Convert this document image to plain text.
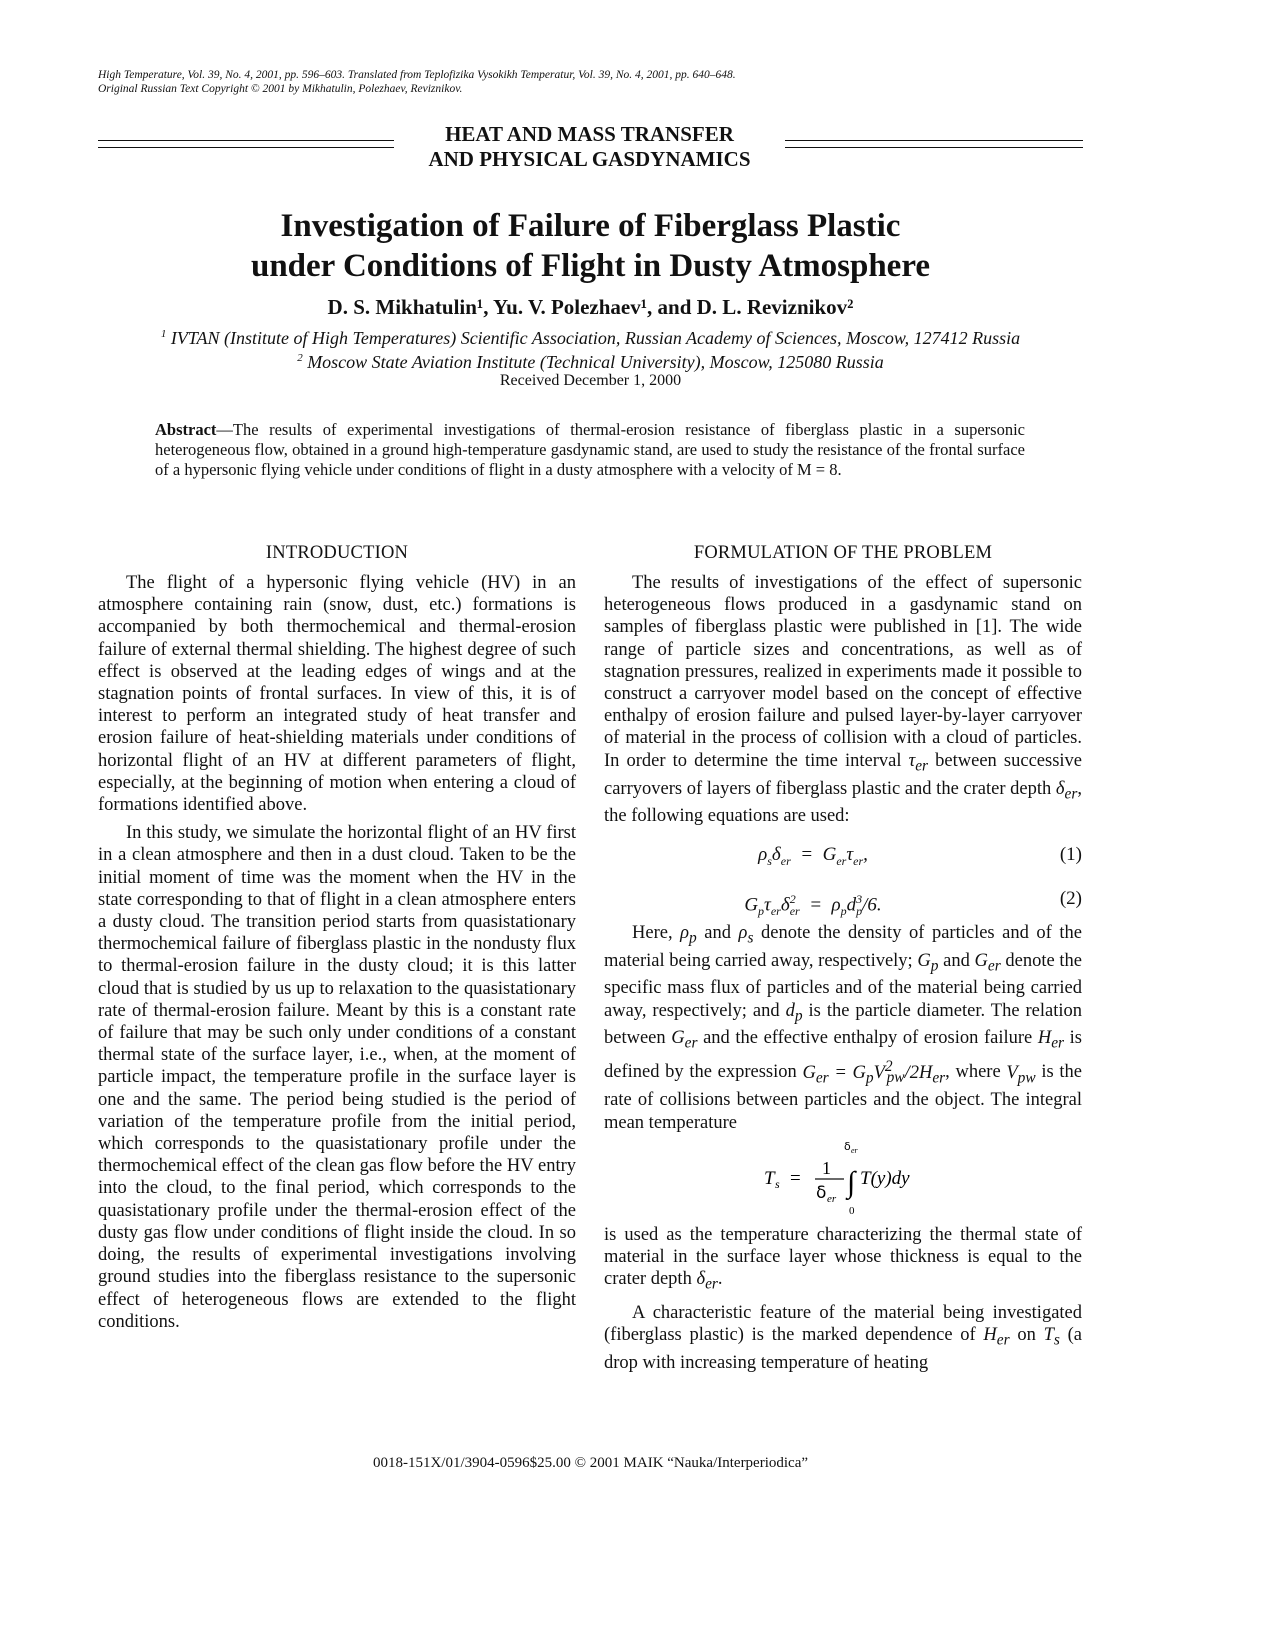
High Temperature, Vol. 39, No. 4, 2001, pp. 596–603. Translated from Teplofizika Vysokikh Temperatur, Vol. 39, No. 4, 2001, pp. 640–648.
Original Russian Text Copyright © 2001 by Mikhatulin, Polezhaev, Reviznikov.
HEAT AND MASS TRANSFER
AND PHYSICAL GASDYNAMICS
Investigation of Failure of Fiberglass Plastic
under Conditions of Flight in Dusty Atmosphere
D. S. Mikhatulin¹, Yu. V. Polezhaev¹, and D. L. Reviznikov²
$^1$ IVTAN (Institute of High Temperatures) Scientific Association, Russian Academy of Sciences, Moscow, 127412 Russia
$^2$ Moscow State Aviation Institute (Technical University), Moscow, 125080 Russia
Received December 1, 2000
Abstract—The results of experimental investigations of thermal-erosion resistance of fiberglass plastic in a supersonic heterogeneous flow, obtained in a ground high-temperature gasdynamic stand, are used to study the resistance of the frontal surface of a hypersonic flying vehicle under conditions of flight in a dusty atmosphere with a velocity of M = 8.
INTRODUCTION

The flight of a hypersonic flying vehicle (HV) in an atmosphere containing rain (snow, dust, etc.) formations is accompanied by both thermochemical and thermal-erosion failure of external thermal shielding. The highest degree of such effect is observed at the leading edges of wings and at the stagnation points of frontal surfaces. In view of this, it is of interest to perform an integrated study of heat transfer and erosion failure of heat-shielding materials under conditions of horizontal flight of an HV at different parameters of flight, especially, at the beginning of motion when entering a cloud of formations identified above.

In this study, we simulate the horizontal flight of an HV first in a clean atmosphere and then in a dust cloud. Taken to be the initial moment of time was the moment when the HV in the state corresponding to that of flight in a clean atmosphere enters a dusty cloud. The transition period starts from quasistationary thermochemical failure of fiberglass plastic in the nondusty flux to thermal-erosion failure in the dusty cloud; it is this latter cloud that is studied by us up to relaxation to the quasistationary rate of thermal-erosion failure. Meant by this is a constant rate of failure that may be such only under conditions of a constant thermal state of the surface layer, i.e., when, at the moment of particle impact, the temperature profile in the surface layer is one and the same. The period being studied is the period of variation of the temperature profile from the initial period, which corresponds to the quasistationary profile under the thermochemical effect of the clean gas flow before the HV entry into the cloud, to the final period, which corresponds to the quasistationary profile under the thermal-erosion effect of the dusty gas flow under conditions of flight inside the cloud. In so doing, the results of experimental investigations involving ground studies into the fiberglass resistance to the supersonic effect of heterogeneous flows are extended to the flight conditions.

FORMULATION OF THE PROBLEM

The results of investigations of the effect of supersonic heterogeneous flows produced in a gasdynamic stand on samples of fiberglass plastic were published in [1]. The wide range of particle sizes and concentrations, as well as of stagnation pressures, realized in experiments made it possible to construct a carryover model based on the concept of effective enthalpy of erosion failure and pulsed layer-by-layer carryover of material in the process of collision with a cloud of particles. In order to determine the time interval $\tau_{er}$ between successive carryovers of layers of fiberglass plastic and the crater depth $\delta_{er}$, the following equations are used:

$\rho_s\delta_{er} = G_{er}\tau_{er}$,	(1)
$G_p\tau_{er}\delta^2_{er} = \rho_pd^3_p/6$.	(2)

Here, $\rho_p$ and $\rho_s$ denote the density of particles and of the material being carried away, respectively; $G_p$ and $G_{er}$ denote the specific mass flux of particles and of the material being carried away, respectively; and $d_p$ is the particle diameter. The relation between $G_{er}$ and the effective enthalpy of erosion failure $H_{er}$ is defined by the expression $G_{er} = G_pV^2_{pw}/2H_{er}$, where $V_{pw}$ is the rate of collisions between particles and the object. The integral mean temperature

T s = 1
δ er ∫
δ er
0
T(y)dy

is used as the temperature characterizing the thermal state of material in the surface layer whose thickness is equal to the crater depth $\delta_{er}$.

A characteristic feature of the material being investigated (fiberglass plastic) is the marked dependence of $H_{er}$ on $T_s$ (a drop with increasing temperature of heating

0018-151X/01/3904-0596$25.00 © 2001 MAIK “Nauka/Interperiodica”
